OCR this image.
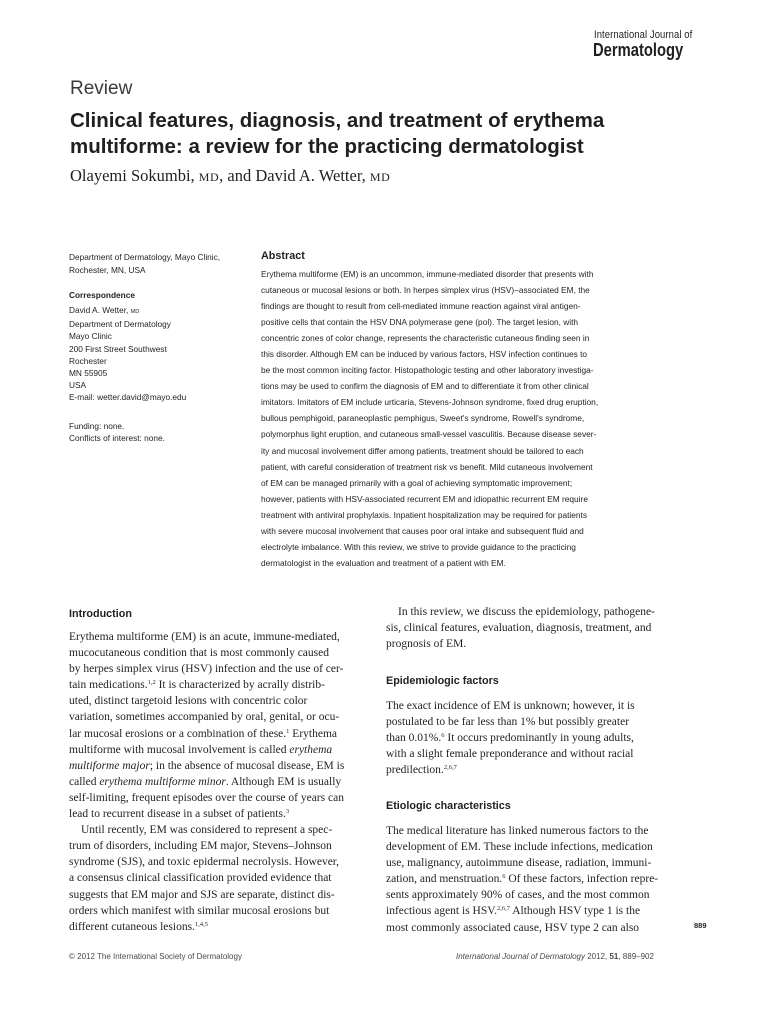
International Journal of
Dermatology
Review
Clinical features, diagnosis, and treatment of erythema multiforme: a review for the practicing dermatologist
Olayemi Sokumbi, MD, and David A. Wetter, MD
Department of Dermatology, Mayo Clinic, Rochester, MN, USA
Correspondence
David A. Wetter, MD
Department of Dermatology
Mayo Clinic
200 First Street Southwest
Rochester
MN 55905
USA
E-mail: wetter.david@mayo.edu
Funding: none.
Conflicts of interest: none.
Abstract
Erythema multiforme (EM) is an uncommon, immune-mediated disorder that presents with
cutaneous or mucosal lesions or both. In herpes simplex virus (HSV)–associated EM, the
findings are thought to result from cell-mediated immune reaction against viral antigen-
positive cells that contain the HSV DNA polymerase gene (pol). The target lesion, with
concentric zones of color change, represents the characteristic cutaneous finding seen in
this disorder. Although EM can be induced by various factors, HSV infection continues to
be the most common inciting factor. Histopathologic testing and other laboratory investiga-
tions may be used to confirm the diagnosis of EM and to differentiate it from other clinical
imitators. Imitators of EM include urticaria, Stevens-Johnson syndrome, fixed drug eruption,
bullous pemphigoid, paraneoplastic pemphigus, Sweet's syndrome, Rowell's syndrome,
polymorphus light eruption, and cutaneous small-vessel vasculitis. Because disease sever-
ity and mucosal involvement differ among patients, treatment should be tailored to each
patient, with careful consideration of treatment risk vs benefit. Mild cutaneous involvement
of EM can be managed primarily with a goal of achieving symptomatic improvement;
however, patients with HSV-associated recurrent EM and idiopathic recurrent EM require
treatment with antiviral prophylaxis. Inpatient hospitalization may be required for patients
with severe mucosal involvement that causes poor oral intake and subsequent fluid and
electrolyte imbalance. With this review, we strive to provide guidance to the practicing
dermatologist in the evaluation and treatment of a patient with EM.
Introduction
Erythema multiforme (EM) is an acute, immune-mediated,
mucocutaneous condition that is most commonly caused
by herpes simplex virus (HSV) infection and the use of cer-
tain medications.$^{1,2}$ It is characterized by acrally distrib-
uted, distinct targetoid lesions with concentric color
variation, sometimes accompanied by oral, genital, or ocu-
lar mucosal erosions or a combination of these.$^1$ Erythema
multiforme with mucosal involvement is called erythema
multiforme major; in the absence of mucosal disease, EM is
called erythema multiforme minor. Although EM is usually
self-limiting, frequent episodes over the course of years can
lead to recurrent disease in a subset of patients.$^3$
Until recently, EM was considered to represent a spec-
trum of disorders, including EM major, Stevens–Johnson
syndrome (SJS), and toxic epidermal necrolysis. However,
a consensus clinical classification provided evidence that
suggests that EM major and SJS are separate, distinct dis-
orders which manifest with similar mucosal erosions but
different cutaneous lesions.$^{1,4,5}$
In this review, we discuss the epidemiology, pathogene-
sis, clinical features, evaluation, diagnosis, treatment, and
prognosis of EM.
Epidemiologic factors
The exact incidence of EM is unknown; however, it is
postulated to be far less than 1% but possibly greater
than 0.01%.$^6$ It occurs predominantly in young adults,
with a slight female preponderance and without racial
predilection.$^{2,6,7}$
Etiologic characteristics
The medical literature has linked numerous factors to the
development of EM. These include infections, medication
use, malignancy, autoimmune disease, radiation, immuni-
zation, and menstruation.$^6$ Of these factors, infection repre-
sents approximately 90% of cases, and the most common
infectious agent is HSV.$^{2,6,7}$ Although HSV type 1 is the
most commonly associated cause, HSV type 2 can also	889
© 2012 The International Society of Dermatology	International Journal of Dermatology 2012, 51, 889–902
